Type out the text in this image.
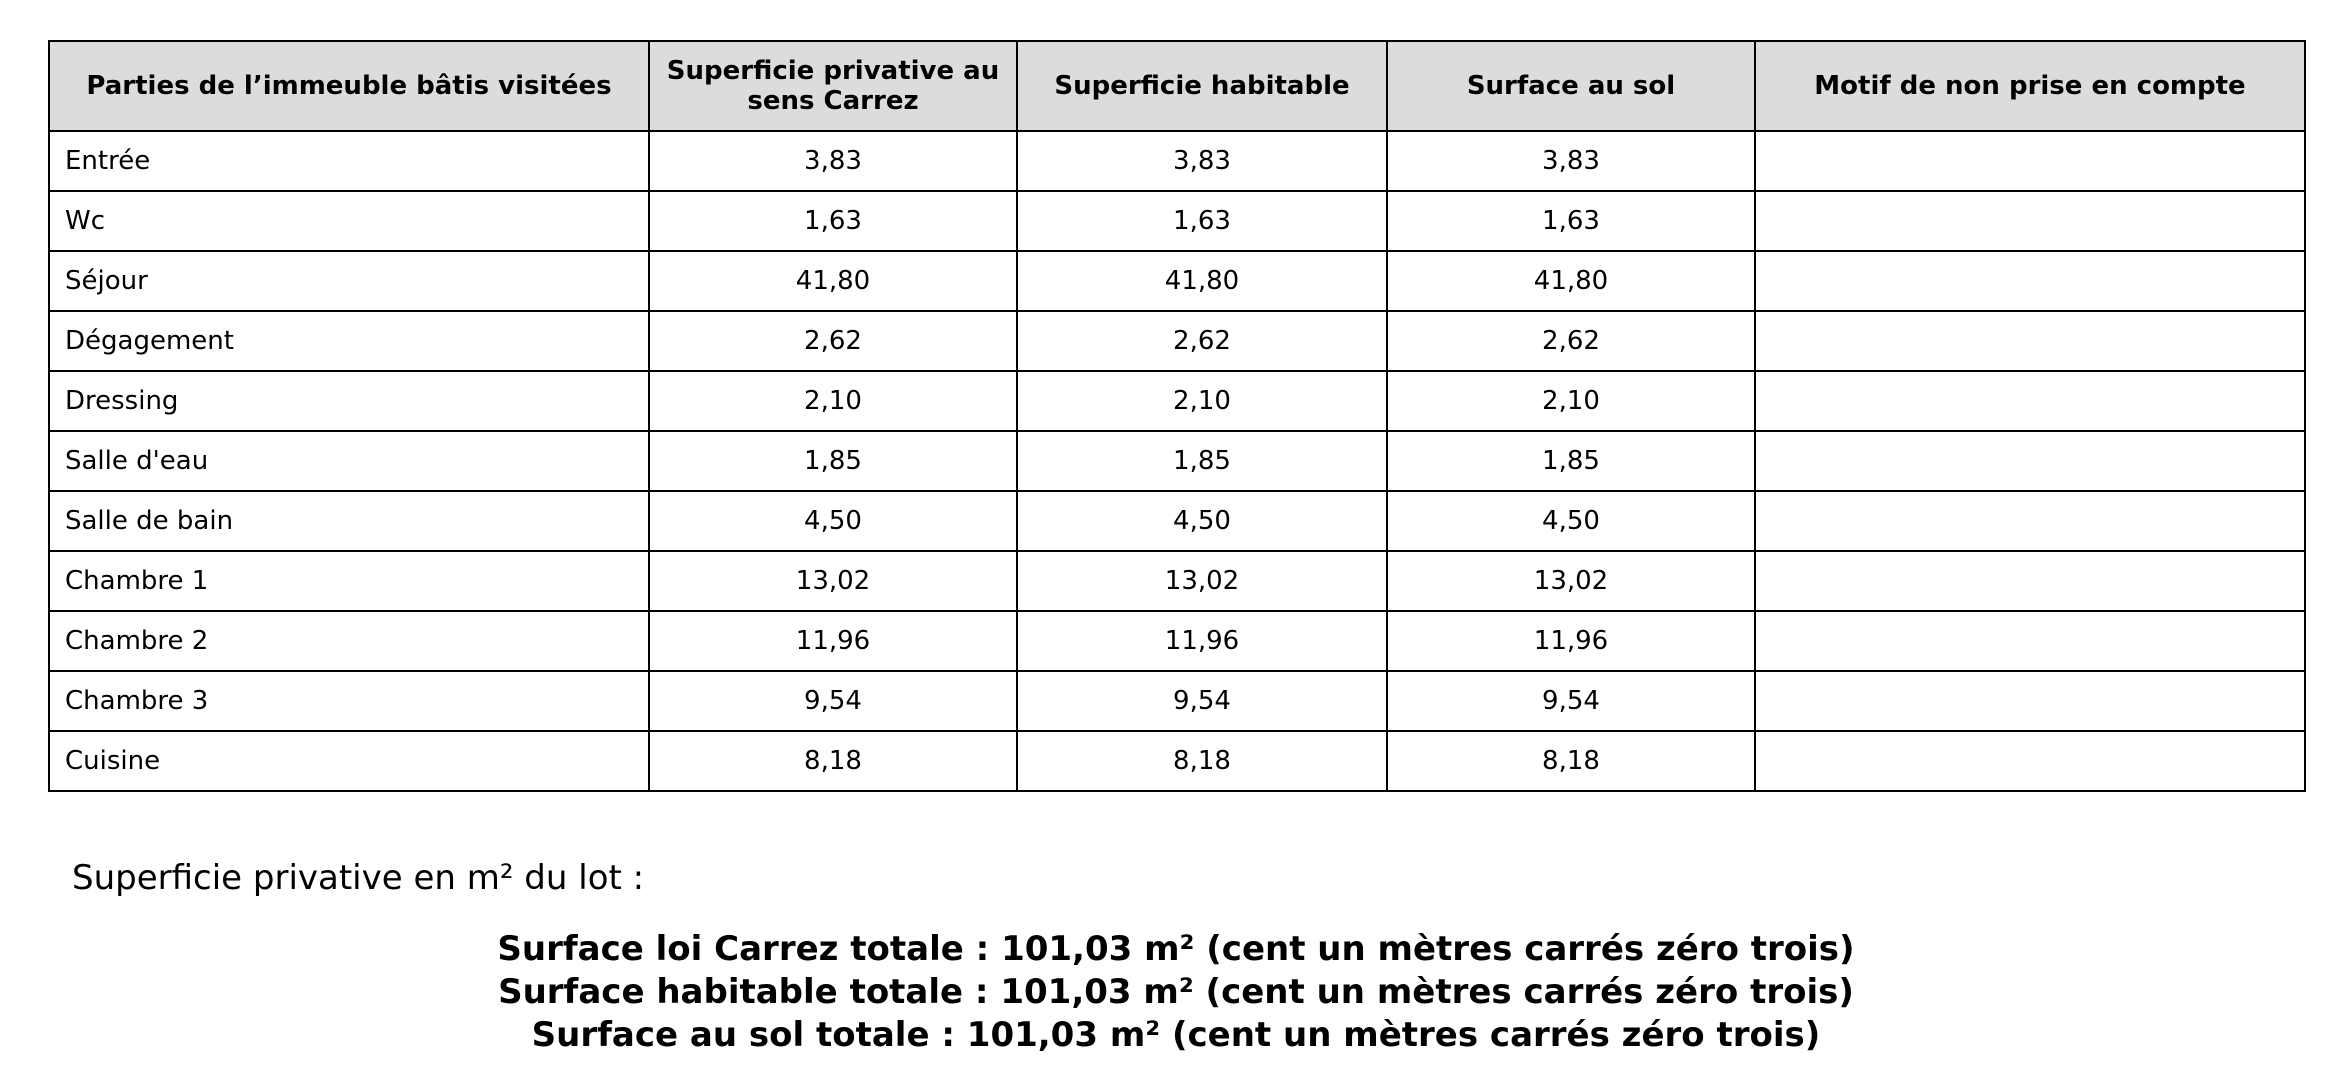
Parties de l’immeuble bâtis visitées	Superficie privative au sens Carrez	Superficie habitable	Surface au sol	Motif de non prise en compte
Entrée	3,83	3,83	3,83	
Wc	1,63	1,63	1,63	
Séjour	41,80	41,80	41,80	
Dégagement	2,62	2,62	2,62	
Dressing	2,10	2,10	2,10	
Salle d'eau	1,85	1,85	1,85	
Salle de bain	4,50	4,50	4,50	
Chambre 1	13,02	13,02	13,02	
Chambre 2	11,96	11,96	11,96	
Chambre 3	9,54	9,54	9,54	
Cuisine	8,18	8,18	8,18	
Superficie privative en m² du lot :
Surface loi Carrez totale : 101,03 m² (cent un mètres carrés zéro trois)
Surface habitable totale : 101,03 m² (cent un mètres carrés zéro trois)
Surface au sol totale : 101,03 m² (cent un mètres carrés zéro trois)
